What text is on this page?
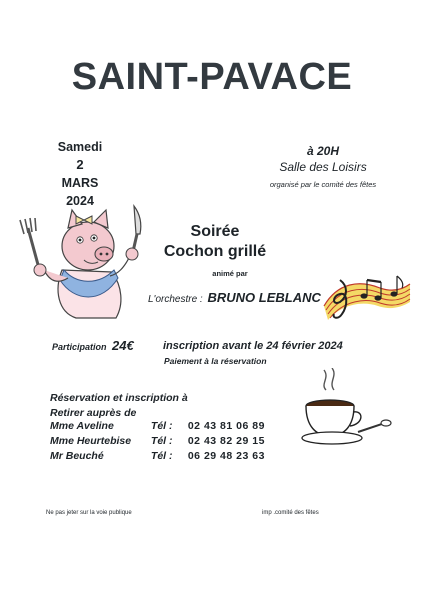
SAINT-PAVACE
Samedi
2
MARS
2024
à 20H
Salle des Loisirs
organisé par le comité des fêtes
Soirée
Cochon grillé
animé par
L'orchestre : BRUNO LEBLANC
Participation 24€	inscription avant le 24 février 2024
Paiement à la réservation
Réservation et inscription à
Retirer auprès de
Mme Aveline	Tél : 02 43 81 06 89
Mme Heurtebise Tél : 02 43 82 29 15
Mr Beuché	Tél : 06 29 48 23 63
Ne pas jeter sur la voie publique	imp .comité des fêtes
